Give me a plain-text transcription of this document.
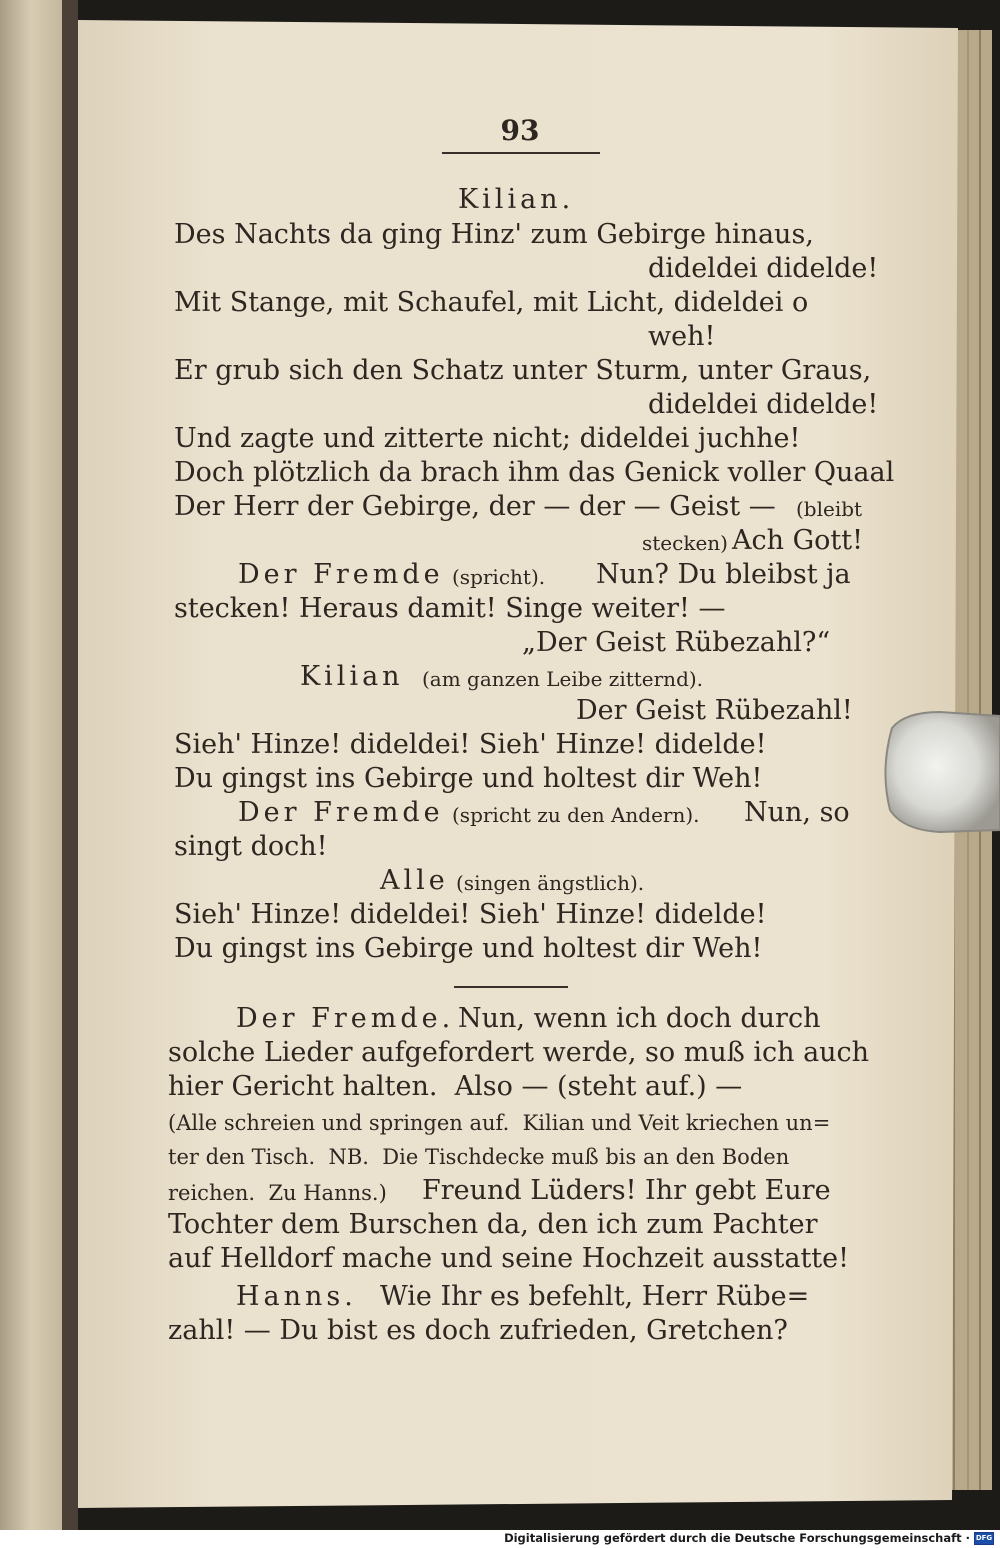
93
Kilian.
Des Nachts da ging Hinz' zum Gebirge hinaus,
dideldei dideldе!
Mit Stange, mit Schaufel, mit Licht, dideldei o
weh!
Er grub sich den Schatz unter Sturm, unter Graus,
dideldei dideldе!
Und zagte und zitterte nicht; dideldei juchhe!
Doch plötzlich da brach ihm das Genick voller Quaal
Der Herr der Gebirge, der — der — Geist — (bleibt
stecken) Ach Gott!
Der Fremde (spricht). Nun? Du bleibst ja
stecken! Heraus damit! Singe weiter! —
„Der Geist Rübezahl?“
Kilian (am ganzen Leibe zitternd).
Der Geist Rübezahl!
Sieh' Hinze! dideldei! Sieh' Hinze! didelde!
Du gingst ins Gebirge und holtest dir Weh!
Der Fremde (spricht zu den Andern). Nun, so
singt doch!
Alle (singen ängstlich).
Sieh' Hinze! dideldei! Sieh' Hinze! didelde!
Du gingst ins Gebirge und holtest dir Weh!
Der Fremde. Nun, wenn ich doch durch
solche Lieder aufgefordert werde, so muß ich auch
hier Gericht halten.  Also — (steht auf.) —
(Alle schreien und springen auf.  Kilian und Veit kriechen un=
ter den Tisch.  NB.  Die Tischdecke muß bis an den Boden
reichen.  Zu Hanns.) Freund Lüders! Ihr gebt Eure
Tochter dem Burschen da, den ich zum Pachter
auf Helldorf mache und seine Hochzeit ausstatte!
Hanns. Wie Ihr es befehlt, Herr Rübe=
zahl! — Du bist es doch zufrieden, Gretchen?
Digitalisierung gefördert durch die Deutsche Forschungsgemeinschaft · DFG
